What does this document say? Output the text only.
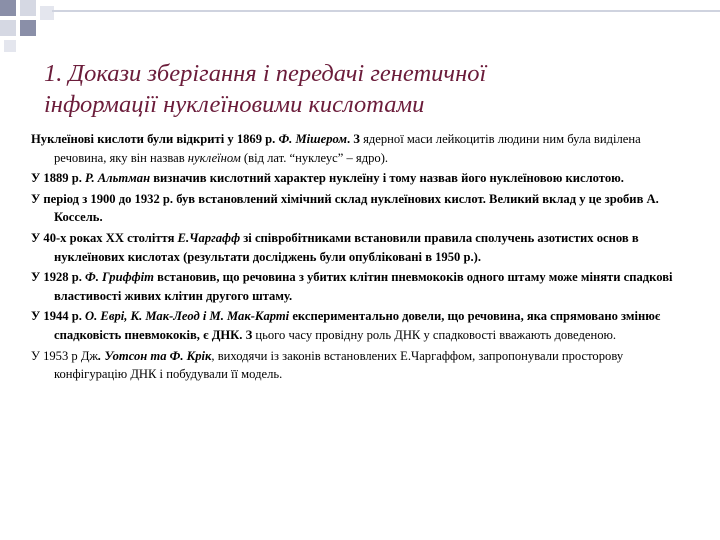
1. Докази зберігання і передачі генетичної
інформації нуклеїновими кислотами

Нуклеїнові кислоти були відкриті у 1869 р. Ф. Мішером. З ядерної маси лейкоцитів людини ним була виділена речовина, яку він назвав нуклеїном (від лат. “нуклеус” – ядро).

У 1889 р. Р. Альтман визначив кислотний характер нуклеїну і тому назвав його нуклеїновою кислотою.

У період з 1900 до 1932 р. був встановлений хімічний склад нуклеїнових кислот. Великий вклад у це зробив А. Коссель.

У 40-х роках ХХ століття Е.Чаргафф зі співробітниками встановили правила сполучень азотистих основ в нуклеїнових кислотах (результати досліджень були опубліковані в 1950 р.).

У 1928 р. Ф. Гриффіт встановив, що речовина з убитих клітин пневмококів одного штаму може міняти спадкові властивості живих клітин другого штаму.

У 1944 р. О. Еврі, К. Мак-Леод і М. Мак-Карті експериментально довели, що речовина, яка спрямовано змінює спадковість пневмококів, є ДНК. З цього часу провідну роль ДНК у спадковості вважають доведеною.

У 1953 р Дж. Уотсон та Ф. Крік, виходячи із законів встановлених Е.Чаргаффом, запропонували просторову конфігурацію ДНК і побудували її модель.
